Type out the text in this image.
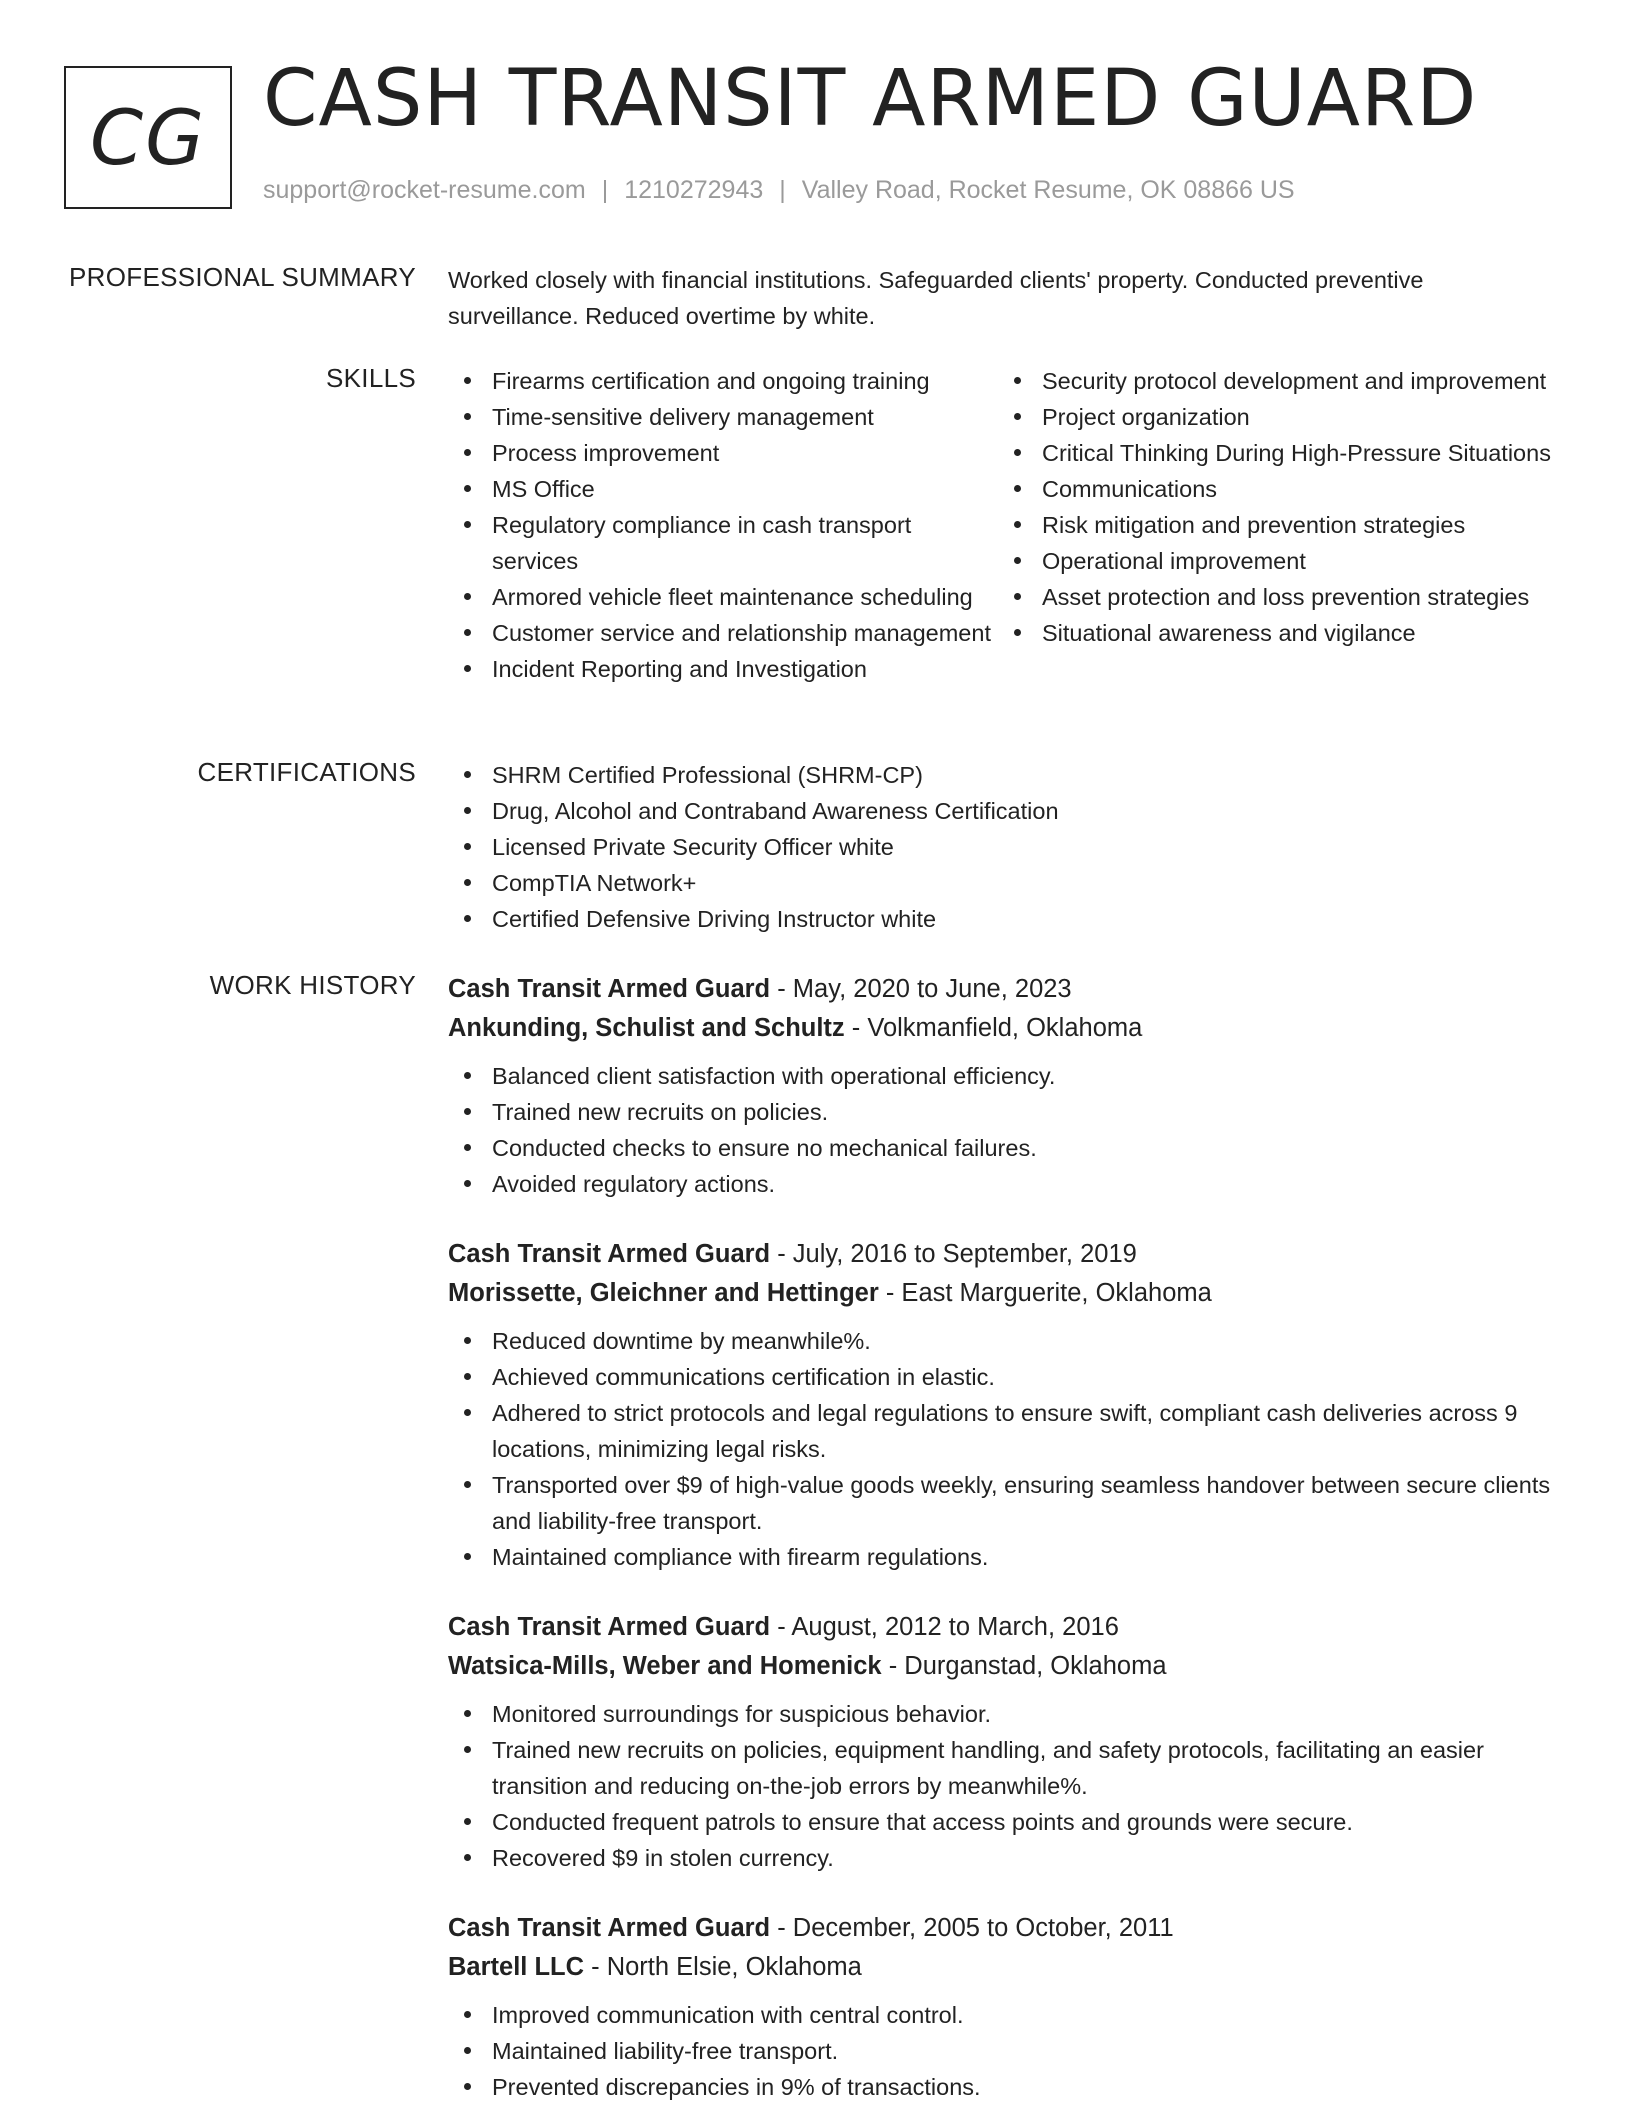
CG CASH TRANSIT ARMED GUARD
support@rocket-resume.com | 1210272943 | Valley Road, Rocket Resume, OK 08866 US
PROFESSIONAL SUMMARY Worked closely with financial institutions. Safeguarded clients' property. Conducted preventive surveillance. Reduced overtime by white.
SKILLS	Firearms certification and ongoing training
Time-sensitive delivery management
Process improvement
MS Office
Regulatory compliance in cash transport services
Armored vehicle fleet maintenance scheduling
Customer service and relationship management
Incident Reporting and Investigation
Security protocol development and improvement
Project organization
Critical Thinking During High-Pressure Situations
Communications
Risk mitigation and prevention strategies
Operational improvement
Asset protection and loss prevention strategies
Situational awareness and vigilance
CERTIFICATIONS	SHRM Certified Professional (SHRM-CP)
Drug, Alcohol and Contraband Awareness Certification
Licensed Private Security Officer white
CompTIA Network+
Certified Defensive Driving Instructor white
WORK HISTORY Cash Transit Armed Guard - May, 2020 to June, 2023
Ankunding, Schulist and Schultz - Volkmanfield, Oklahoma
Balanced client satisfaction with operational efficiency.
Trained new recruits on policies.
Conducted checks to ensure no mechanical failures.
Avoided regulatory actions.
Cash Transit Armed Guard - July, 2016 to September, 2019
Morissette, Gleichner and Hettinger - East Marguerite, Oklahoma
Reduced downtime by meanwhile%.
Achieved communications certification in elastic.
Adhered to strict protocols and legal regulations to ensure swift, compliant cash deliveries across 9 locations, minimizing legal risks.
Transported over $9 of high-value goods weekly, ensuring seamless handover between secure clients and liability-free transport.
Maintained compliance with firearm regulations.
Cash Transit Armed Guard - August, 2012 to March, 2016
Watsica-Mills, Weber and Homenick - Durganstad, Oklahoma
Monitored surroundings for suspicious behavior.
Trained new recruits on policies, equipment handling, and safety protocols, facilitating an easier transition and reducing on-the-job errors by meanwhile%.
Conducted frequent patrols to ensure that access points and grounds were secure.
Recovered $9 in stolen currency.
Cash Transit Armed Guard - December, 2005 to October, 2011
Bartell LLC - North Elsie, Oklahoma
Improved communication with central control.
Maintained liability-free transport.
Prevented discrepancies in 9% of transactions.
